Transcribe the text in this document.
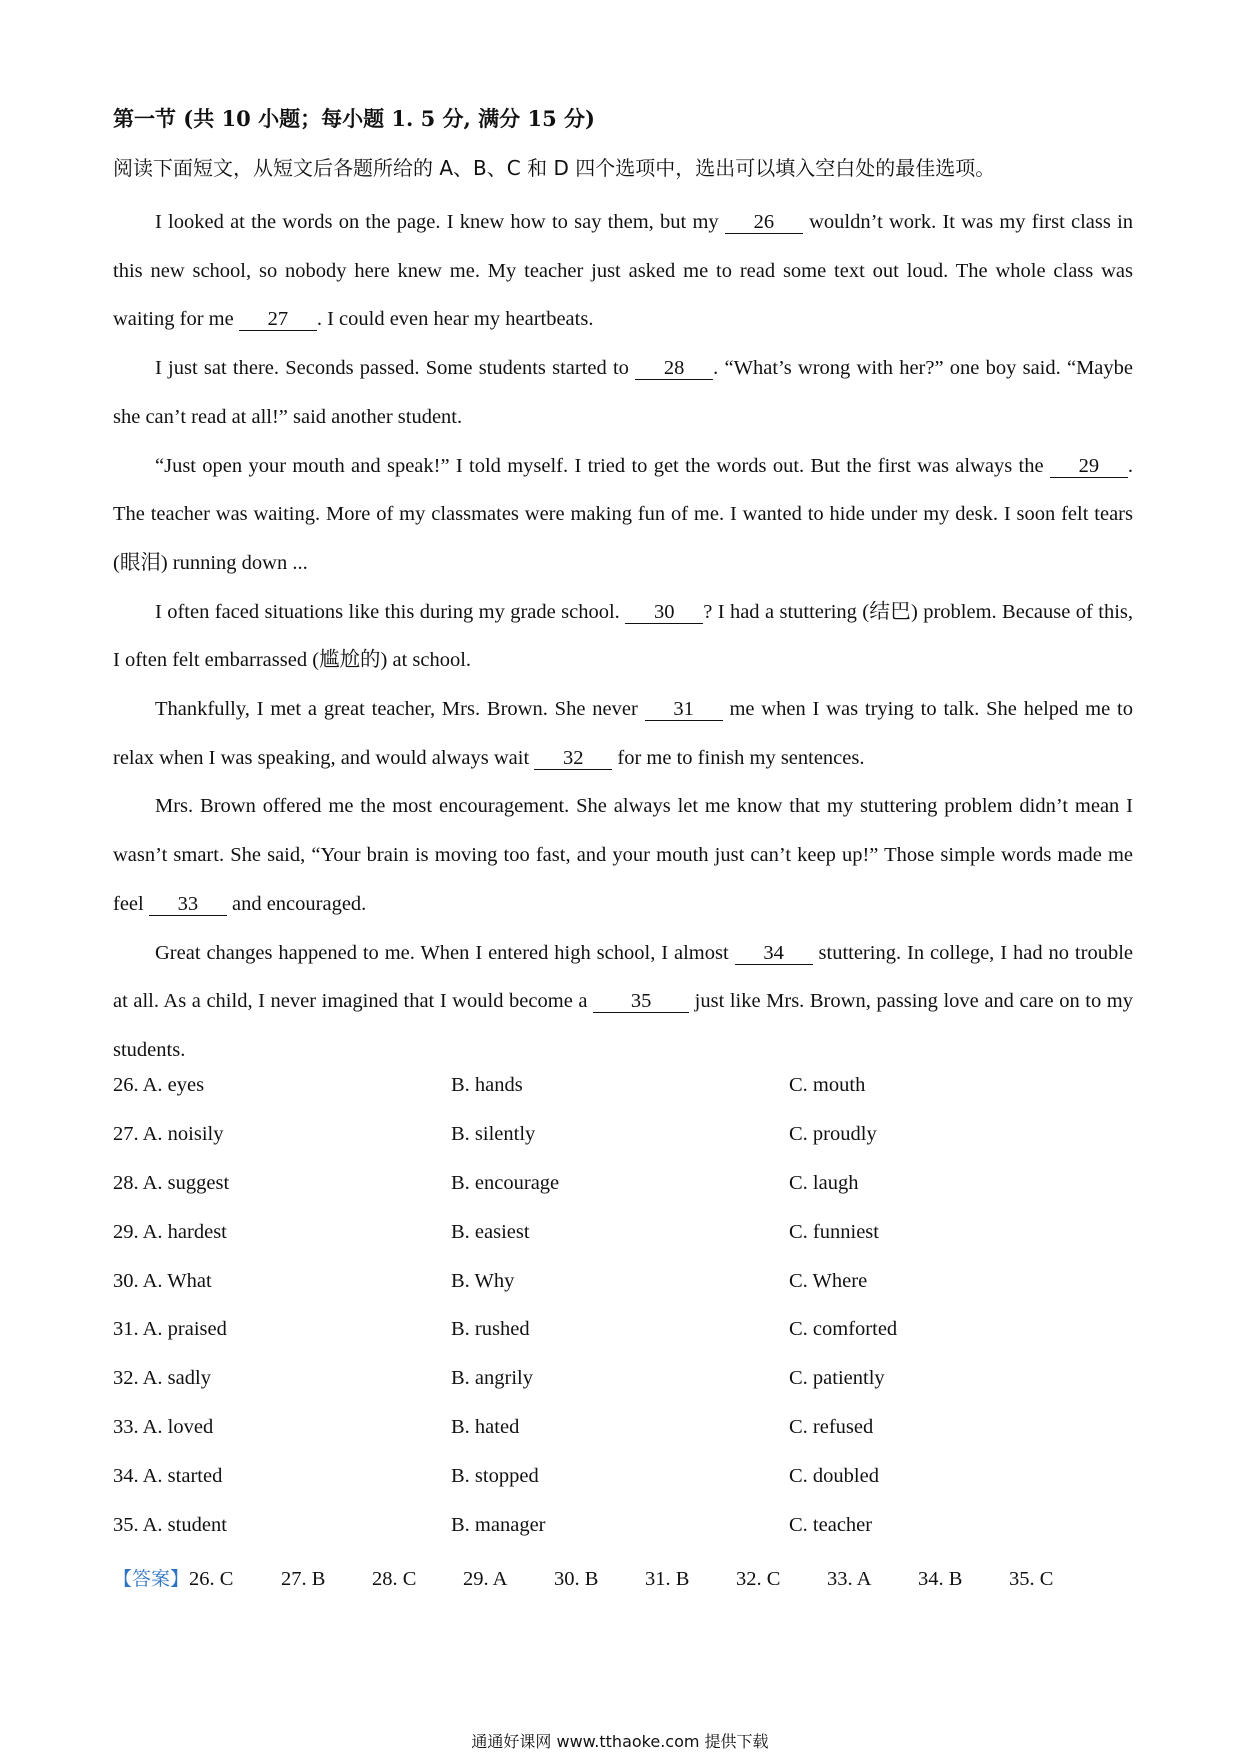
第一节 (共 10 小题；每小题 1. 5 分, 满分 15 分)
阅读下面短文，从短文后各题所给的 A、B、C 和 D 四个选项中，选出可以填入空白处的最佳选项。

I looked at the words on the page. I knew how to say them, but my 26 wouldn’t work. It was my first class in this new school, so nobody here knew me. My teacher just asked me to read some text out loud. The whole class was waiting for me 27 . I could even hear my heartbeats.

I just sat there. Seconds passed. Some students started to 28 . “What’s wrong with her?” one boy said. “Maybe she can’t read at all!” said another student.

“Just open your mouth and speak!” I told myself. I tried to get the words out. But the first was always the 29 . The teacher was waiting. More of my classmates were making fun of me. I wanted to hide under my desk. I soon felt tears (眼泪) running down ...

I often faced situations like this during my grade school. 30 ? I had a stuttering (结巴) problem. Because of this, I often felt embarrassed (尴尬的) at school.

Thankfully, I met a great teacher, Mrs. Brown. She never 31 me when I was trying to talk. She helped me to relax when I was speaking, and would always wait 32 for me to finish my sentences.

Mrs. Brown offered me the most encouragement. She always let me know that my stuttering problem didn’t mean I wasn’t smart. She said, “Your brain is moving too fast, and your mouth just can’t keep up!” Those simple words made me feel 33 and encouraged.

Great changes happened to me. When I entered high school, I almost 34 stuttering. In college, I had no trouble at all. As a child, I never imagined that I would become a 35 just like Mrs. Brown, passing love and care on to my students.

26. A. eyes	B. hands	C. mouth
27. A. noisily	B. silently	C. proudly
28. A. suggest	B. encourage	C. laugh
29. A. hardest	B. easiest	C. funniest
30. A. What	B. Why	C. Where
31. A. praised	B. rushed	C. comforted
32. A. sadly	B. angrily	C. patiently
33. A. loved	B. hated	C. refused
34. A. started	B. stopped	C. doubled
35. A. student	B. manager	C. teacher
【答案】26. C 27. B 28. C 29. A 30. B 31. B 32. C 33. A 34. B 35. C
通通好课网 www.tthaoke.com 提供下载
